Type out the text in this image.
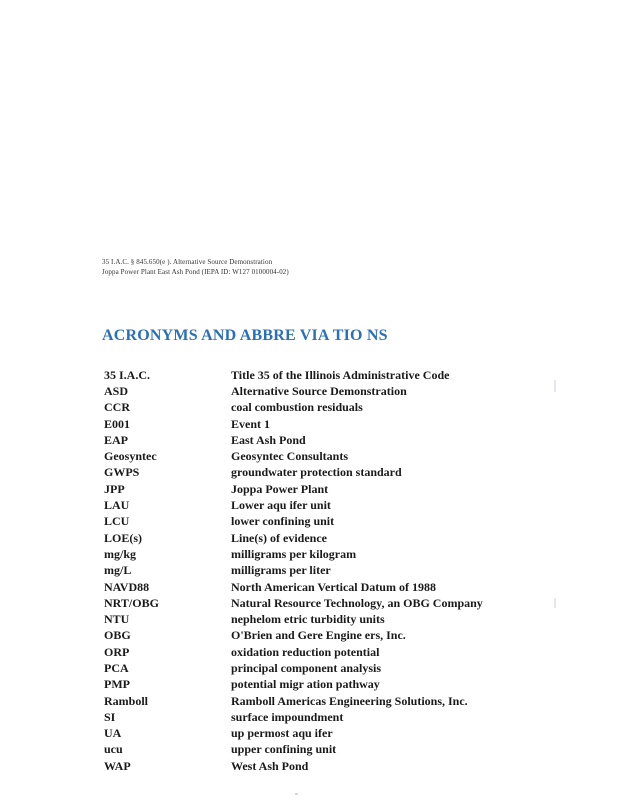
35 I.A.C. § 845.650(e ). Alternative Source Demonstration
Joppa Power Plant East Ash Pond (IEPA ID: W127 0100004-02)
ACRONYMS AND ABBRE VIA TIO NS
35 I.A.C.	Title 35 of the Illinois Administrative Code
ASD	Alternative Source Demonstration
CCR	coal combustion residuals
E001	Event 1
EAP	East Ash Pond
Geosyntec	Geosyntec Consultants
GWPS	groundwater protection standard
JPP	Joppa Power Plant
LAU	Lower aqu ifer unit
LCU	lower confining unit
LOE(s)	Line(s) of evidence
mg/kg	milligrams per kilogram
mg/L	milligrams per liter
NAVD88	North American Vertical Datum of 1988
NRT/OBG	Natural Resource Technology, an OBG Company
NTU	nephelom etric turbidity units
OBG	O'Brien and Gere Engine ers, Inc.
ORP	oxidation reduction potential
PCA	principal component analysis
PMP	potential migr ation pathway
Ramboll	Ramboll Americas Engineering Solutions, Inc.
SI	surface impoundment
UA	up permost aqu ifer
ucu	upper confining unit
WAP	West Ash Pond
